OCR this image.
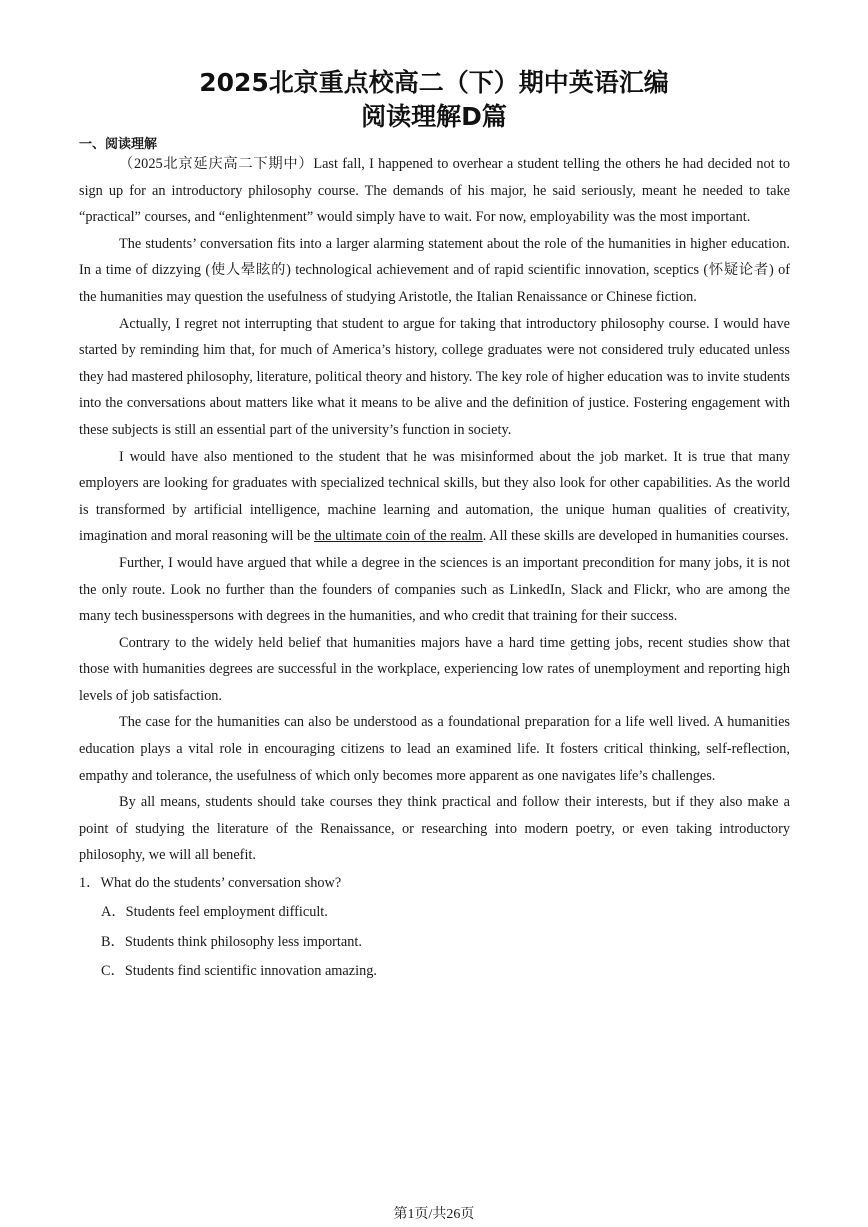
2025北京重点校高二（下）期中英语汇编
阅读理解D篇
一、阅读理解

（2025北京延庆高二下期中）Last fall, I happened to overhear a student telling the others he had decided not to sign up for an introductory philosophy course. The demands of his major, he said seriously, meant he needed to take “practical” courses, and “enlightenment” would simply have to wait. For now, employability was the most important.

The students’ conversation fits into a larger alarming statement about the role of the humanities in higher education. In a time of dizzying (使人晕眩的) technological achievement and of rapid scientific innovation, sceptics (怀疑论者) of the humanities may question the usefulness of studying Aristotle, the Italian Renaissance or Chinese fiction.

Actually, I regret not interrupting that student to argue for taking that introductory philosophy course. I would have started by reminding him that, for much of America’s history, college graduates were not considered truly educated unless they had mastered philosophy, literature, political theory and history. The key role of higher education was to invite students into the conversations about matters like what it means to be alive and the definition of justice. Fostering engagement with these subjects is still an essential part of the university’s function in society.

I would have also mentioned to the student that he was misinformed about the job market. It is true that many employers are looking for graduates with specialized technical skills, but they also look for other capabilities. As the world is transformed by artificial intelligence, machine learning and automation, the unique human qualities of creativity, imagination and moral reasoning will be the ultimate coin of the realm. All these skills are developed in humanities courses.

Further, I would have argued that while a degree in the sciences is an important precondition for many jobs, it is not the only route. Look no further than the founders of companies such as LinkedIn, Slack and Flickr, who are among the many tech businesspersons with degrees in the humanities, and who credit that training for their success.

Contrary to the widely held belief that humanities majors have a hard time getting jobs, recent studies show that those with humanities degrees are successful in the workplace, experiencing low rates of unemployment and reporting high levels of job satisfaction.

The case for the humanities can also be understood as a foundational preparation for a life well lived. A humanities education plays a vital role in encouraging citizens to lead an examined life. It fosters critical thinking, self-reflection, empathy and tolerance, the usefulness of which only becomes more apparent as one navigates life’s challenges.

By all means, students should take courses they think practical and follow their interests, but if they also make a point of studying the literature of the Renaissance, or researching into modern poetry, or even taking introductory philosophy, we will all benefit.

1．What do the students’ conversation show?
A．Students feel employment difficult.
B．Students think philosophy less important.
C．Students find scientific innovation amazing.
第1页/共26页
